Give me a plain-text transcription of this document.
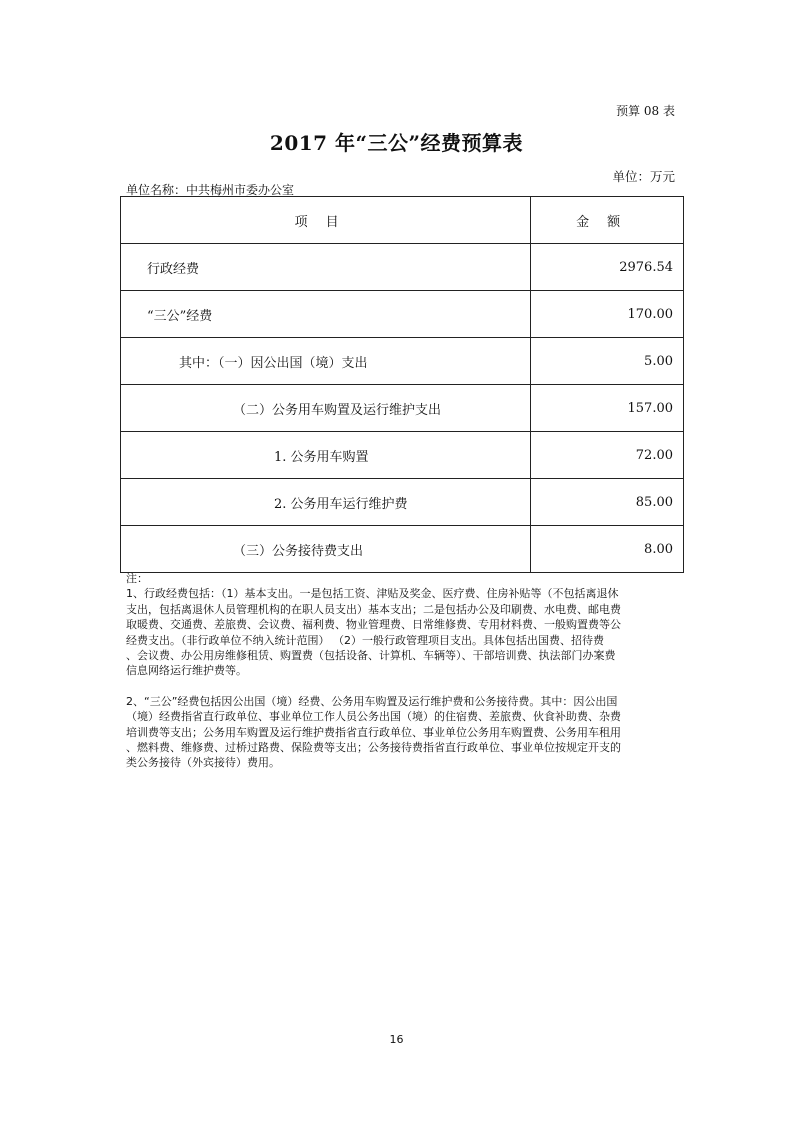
预算 08 表
2017 年“三公”经费预算表
单位：万元
单位名称：中共梅州市委办公室
项目	金额
行政经费	2976.54
“三公”经费	170.00
其中：（一）因公出国（境）支出	5.00
（二）公务用车购置及运行维护支出	157.00
1. 公务用车购置	72.00
2. 公务用车运行维护费	85.00
（三）公务接待费支出	8.00

注：

1、行政经费包括：（1）基本支出。一是包括工资、津贴及奖金、医疗费、住房补贴等（不包括离退休

支出，包括离退休人员管理机构的在职人员支出）基本支出；二是包括办公及印刷费、水电费、邮电费

取暖费、交通费、差旅费、会议费、福利费、物业管理费、日常维修费、专用材料费、一般购置费等公

经费支出。（非行政单位不纳入统计范围） （2）一般行政管理项目支出。具体包括出国费、招待费

、会议费、办公用房维修租赁、购置费（包括设备、计算机、车辆等）、干部培训费、执法部门办案费

信息网络运行维护费等。

2、“三公”经费包括因公出国（境）经费、公务用车购置及运行维护费和公务接待费。其中：因公出国

（境）经费指省直行政单位、事业单位工作人员公务出国（境）的住宿费、差旅费、伙食补助费、杂费

培训费等支出；公务用车购置及运行维护费指省直行政单位、事业单位公务用车购置费、公务用车租用

、燃料费、维修费、过桥过路费、保险费等支出；公务接待费指省直行政单位、事业单位按规定开支的

类公务接待（外宾接待）费用。

16
